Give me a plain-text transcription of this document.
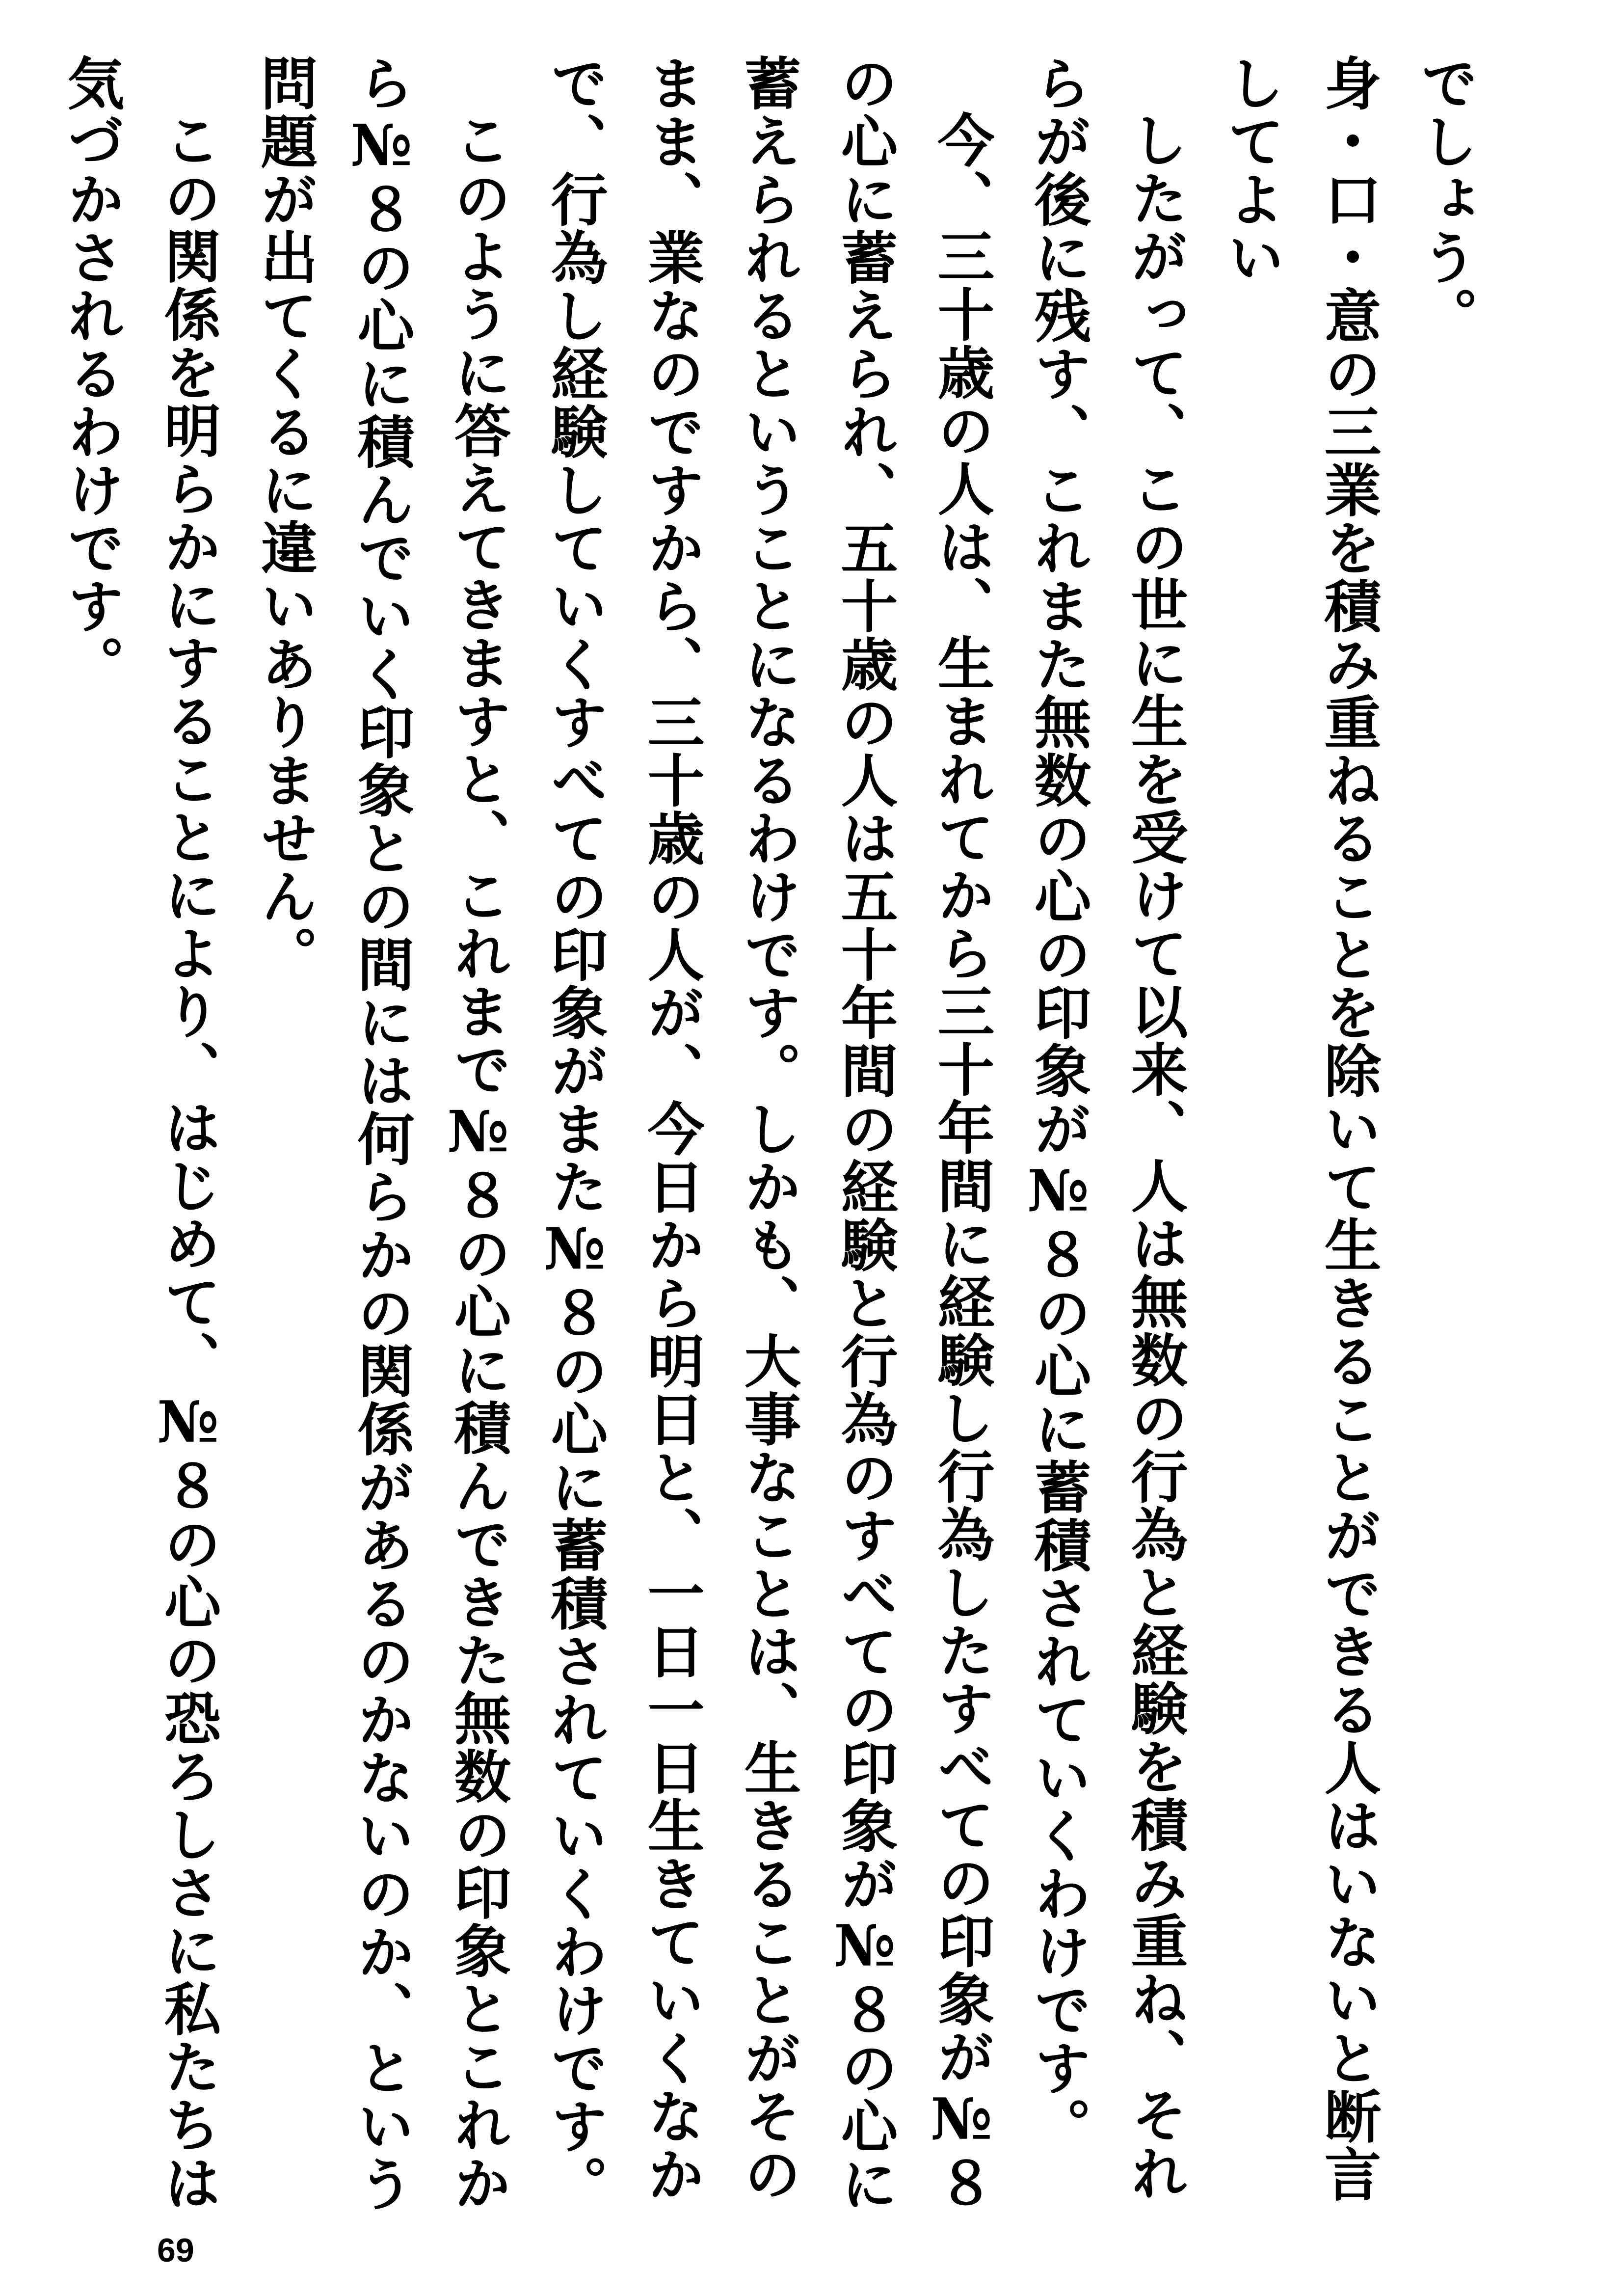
でしょう。

身・口・意の三業を積み重ねることを除いて生きることができる人はいないと断言してよい

したがって、この世に生を受けて以来、人は無数の行為と経験を積み重ね、それらが後に残す、これまた無数の心の印象が№８の心に蓄積されていくわけです。

今、三十歳の人は、生まれてから三十年間に経験し行為したすべての印象が№８の心に蓄えられ、五十歳の人は五十年間の経験と行為のすべての印象が№８の心に蓄えられるということになるわけです。しかも、大事なことは、生きることがそのまま、業なのですから、三十歳の人が、今日から明日と、一日一日生きていくなかで、行為し経験していくすべての印象がまた№８の心に蓄積されていくわけです。

このように答えてきますと、これまで№８の心に積んできた無数の印象とこれから№８の心に積んでいく印象との間には何らかの関係があるのかないのか、という問題が出てくるに違いありません。

この関係を明らかにすることにより、はじめて、№８の心の恐ろしさに私たちは気づかされるわけです。

69
